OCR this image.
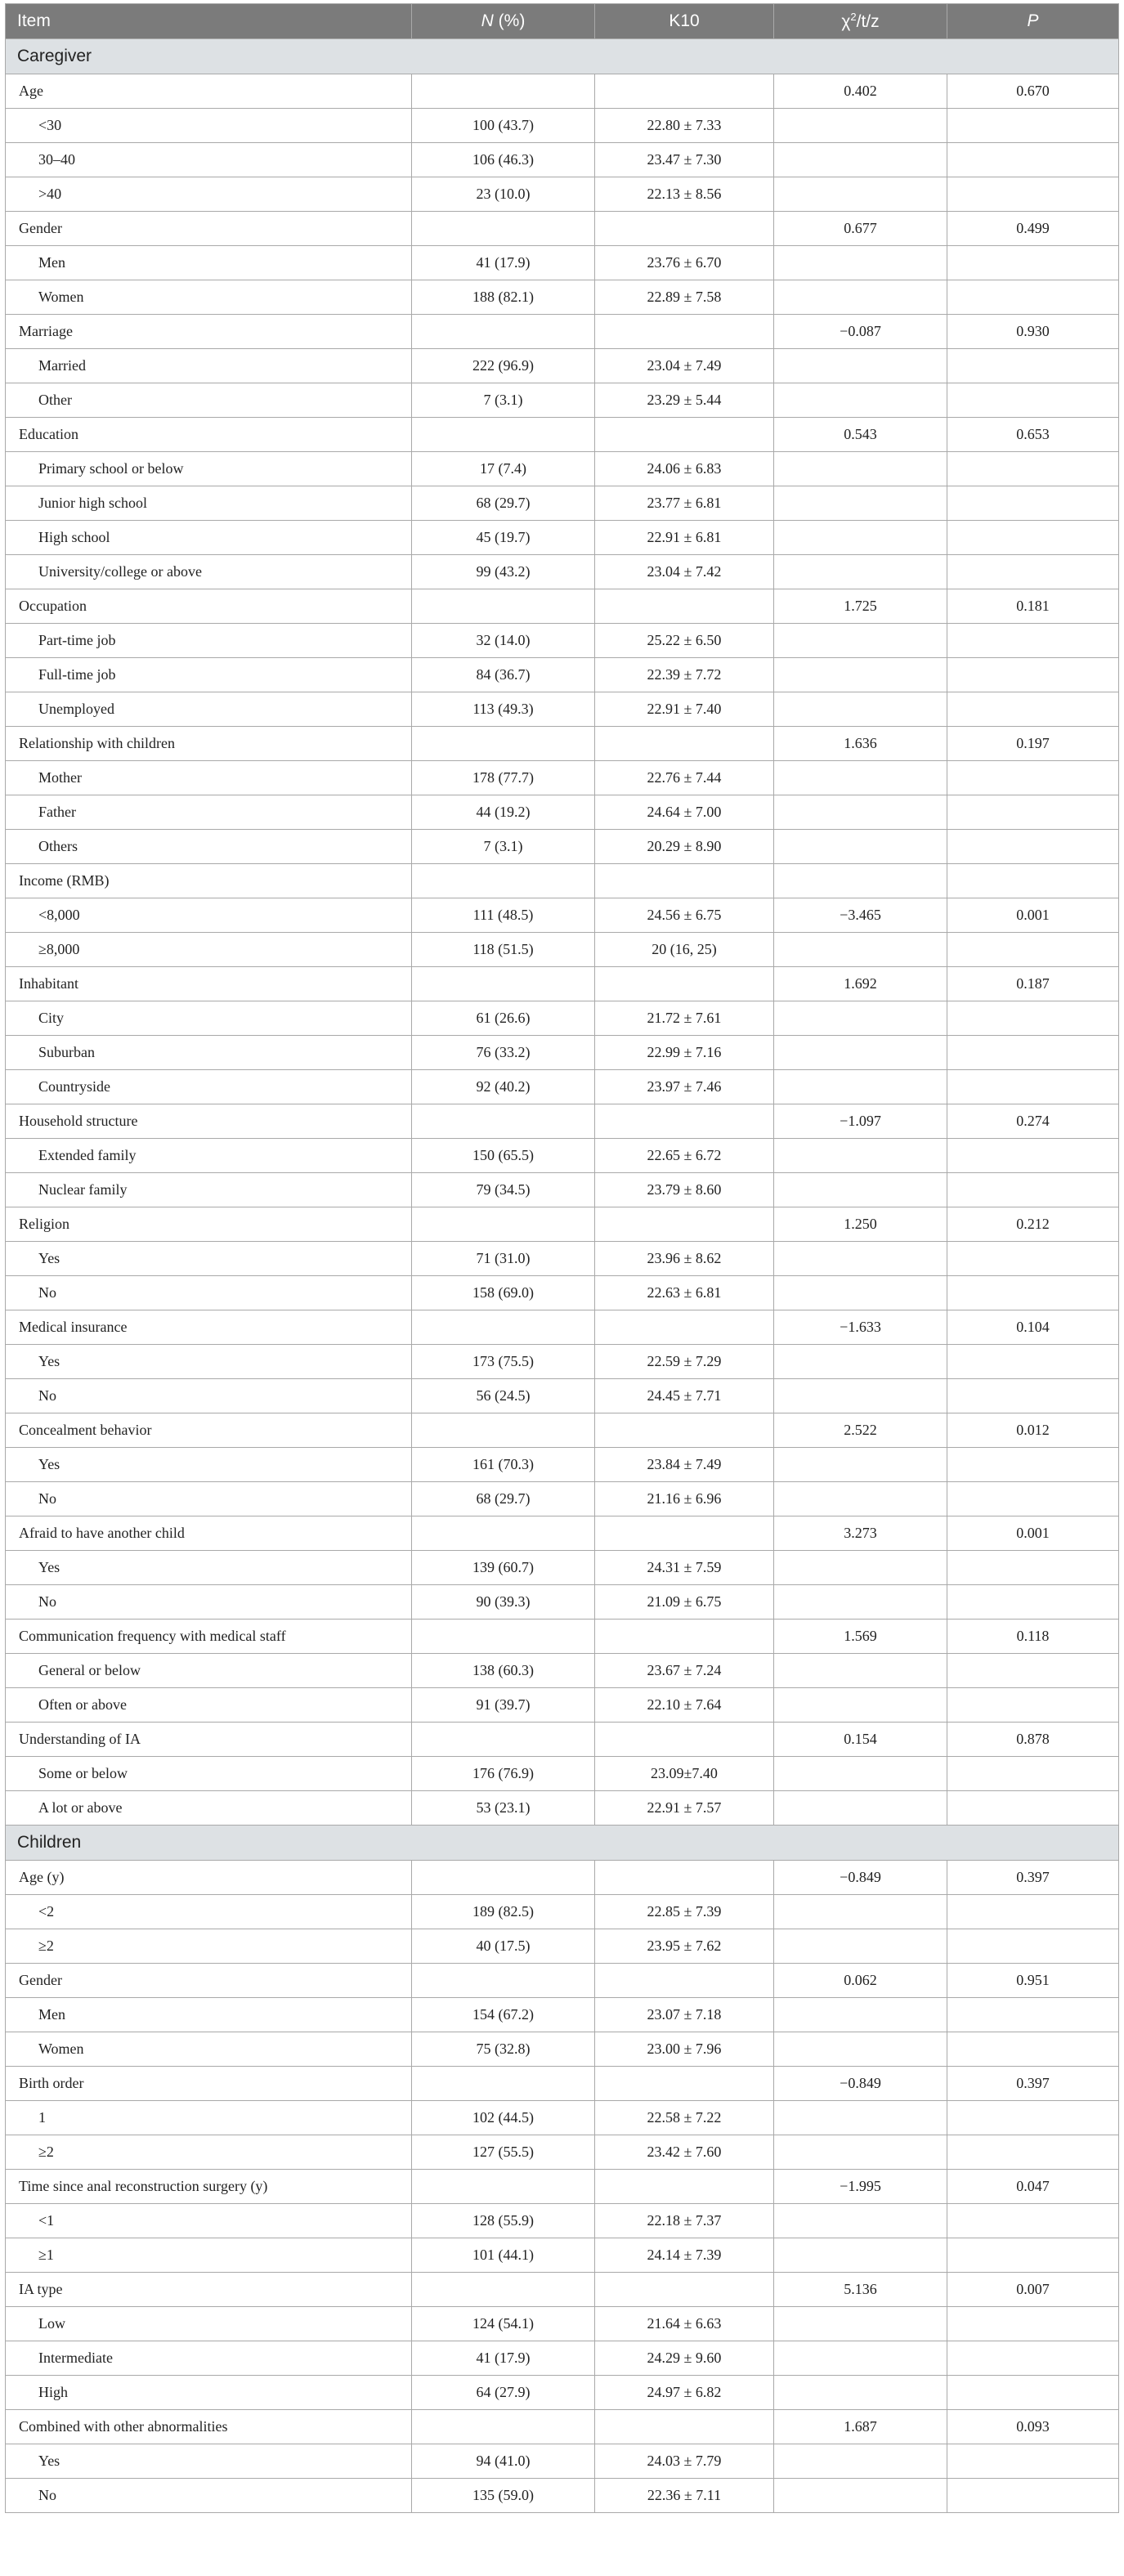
Item	N (%)	K10	$\chi^2/t/z$	P
Caregiver				
Age			0.402	0.670
<30	100 (43.7)	22.80 ± 7.33		
30–40	106 (46.3)	23.47 ± 7.30		
>40	23 (10.0)	22.13 ± 8.56		
Gender			0.677	0.499
Men	41 (17.9)	23.76 ± 6.70		
Women	188 (82.1)	22.89 ± 7.58		
Marriage			−0.087	0.930
Married	222 (96.9)	23.04 ± 7.49		
Other	7 (3.1)	23.29 ± 5.44		
Education			0.543	0.653
Primary school or below	17 (7.4)	24.06 ± 6.83		
Junior high school	68 (29.7)	23.77 ± 6.81		
High school	45 (19.7)	22.91 ± 6.81		
University/college or above	99 (43.2)	23.04 ± 7.42		
Occupation			1.725	0.181
Part-time job	32 (14.0)	25.22 ± 6.50		
Full-time job	84 (36.7)	22.39 ± 7.72		
Unemployed	113 (49.3)	22.91 ± 7.40		
Relationship with children			1.636	0.197
Mother	178 (77.7)	22.76 ± 7.44		
Father	44 (19.2)	24.64 ± 7.00		
Others	7 (3.1)	20.29 ± 8.90		
Income (RMB)				
<8,000	111 (48.5)	24.56 ± 6.75	−3.465	0.001
≥8,000	118 (51.5)	20 (16, 25)		
Inhabitant			1.692	0.187
City	61 (26.6)	21.72 ± 7.61		
Suburban	76 (33.2)	22.99 ± 7.16		
Countryside	92 (40.2)	23.97 ± 7.46		
Household structure			−1.097	0.274
Extended family	150 (65.5)	22.65 ± 6.72		
Nuclear family	79 (34.5)	23.79 ± 8.60		
Religion			1.250	0.212
Yes	71 (31.0)	23.96 ± 8.62		
No	158 (69.0)	22.63 ± 6.81		
Medical insurance			−1.633	0.104
Yes	173 (75.5)	22.59 ± 7.29		
No	56 (24.5)	24.45 ± 7.71		
Concealment behavior			2.522	0.012
Yes	161 (70.3)	23.84 ± 7.49		
No	68 (29.7)	21.16 ± 6.96		
Afraid to have another child			3.273	0.001
Yes	139 (60.7)	24.31 ± 7.59		
No	90 (39.3)	21.09 ± 6.75		
Communication frequency with medical staff			1.569	0.118
General or below	138 (60.3)	23.67 ± 7.24		
Often or above	91 (39.7)	22.10 ± 7.64		
Understanding of IA			0.154	0.878
Some or below	176 (76.9)	23.09±7.40		
A lot or above	53 (23.1)	22.91 ± 7.57		
Children				
Age (y)			−0.849	0.397
<2	189 (82.5)	22.85 ± 7.39		
≥2	40 (17.5)	23.95 ± 7.62		
Gender			0.062	0.951
Men	154 (67.2)	23.07 ± 7.18		
Women	75 (32.8)	23.00 ± 7.96		
Birth order			−0.849	0.397
1	102 (44.5)	22.58 ± 7.22		
≥2	127 (55.5)	23.42 ± 7.60		
Time since anal reconstruction surgery (y)			−1.995	0.047
<1	128 (55.9)	22.18 ± 7.37		
≥1	101 (44.1)	24.14 ± 7.39		
IA type			5.136	0.007
Low	124 (54.1)	21.64 ± 6.63		
Intermediate	41 (17.9)	24.29 ± 9.60		
High	64 (27.9)	24.97 ± 6.82		
Combined with other abnormalities			1.687	0.093
Yes	94 (41.0)	24.03 ± 7.79		
No	135 (59.0)	22.36 ± 7.11		
